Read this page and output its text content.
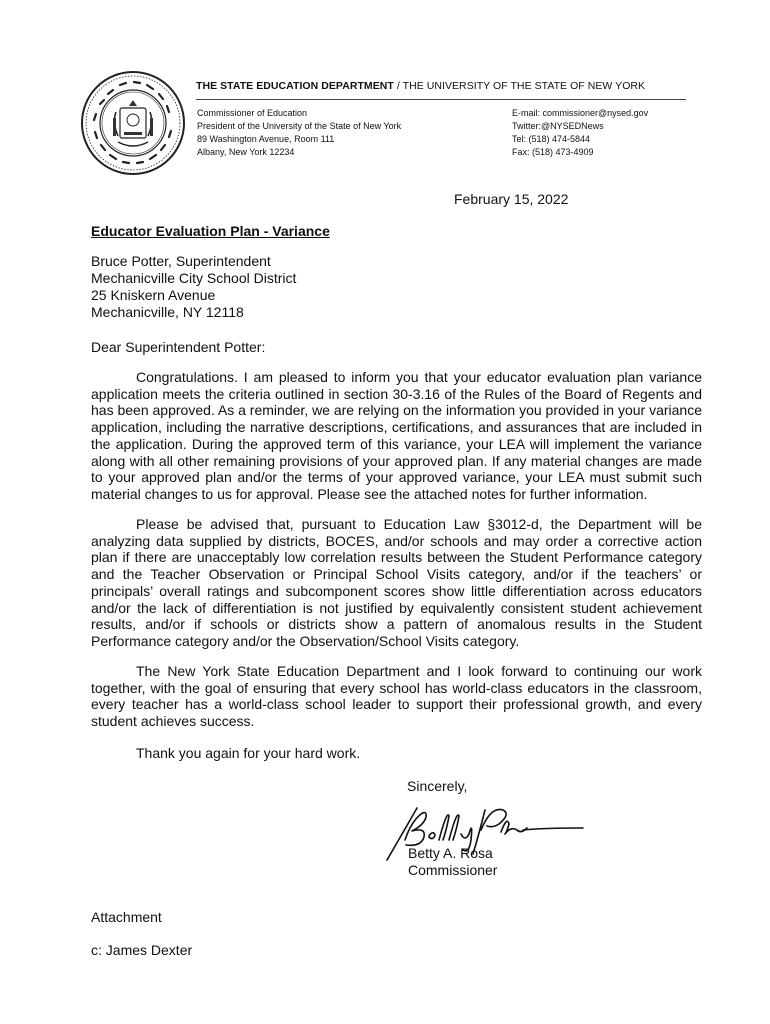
THE STATE EDUCATION DEPARTMENT / THE UNIVERSITY OF THE STATE OF NEW YORK
Commissioner of Education
President of the University of the State of New York
89 Washington Avenue, Room 111
Albany, New York 12234
E-mail: commissioner@nysed.gov
Twitter:@NYSEDNews
Tel: (518) 474-5844
Fax: (518) 473-4909
February 15, 2022
Educator Evaluation Plan - Variance
Bruce Potter, Superintendent
Mechanicville City School District
25 Kniskern Avenue
Mechanicville, NY 12118
Dear Superintendent Potter:

Congratulations. I am pleased to inform you that your educator evaluation plan variance application meets the criteria outlined in section 30-3.16 of the Rules of the Board of Regents and has been approved. As a reminder, we are relying on the information you provided in your variance application, including the narrative descriptions, certifications, and assurances that are included in the application. During the approved term of this variance, your LEA will implement the variance along with all other remaining provisions of your approved plan. If any material changes are made to your approved plan and/or the terms of your approved variance, your LEA must submit such material changes to us for approval. Please see the attached notes for further information.

Please be advised that, pursuant to Education Law §3012-d, the Department will be analyzing data supplied by districts, BOCES, and/or schools and may order a corrective action plan if there are unacceptably low correlation results between the Student Performance category and the Teacher Observation or Principal School Visits category, and/or if the teachers’ or principals’ overall ratings and subcomponent scores show little differentiation across educators and/or the lack of differentiation is not justified by equivalently consistent student achievement results, and/or if schools or districts show a pattern of anomalous results in the Student Performance category and/or the Observation/School Visits category.

The New York State Education Department and I look forward to continuing our work together, with the goal of ensuring that every school has world-class educators in the classroom, every teacher has a world-class school leader to support their professional growth, and every student achieves success.

Thank you again for your hard work.
Sincerely,
Betty A. Rosa
Commissioner
Attachment
c: James Dexter
